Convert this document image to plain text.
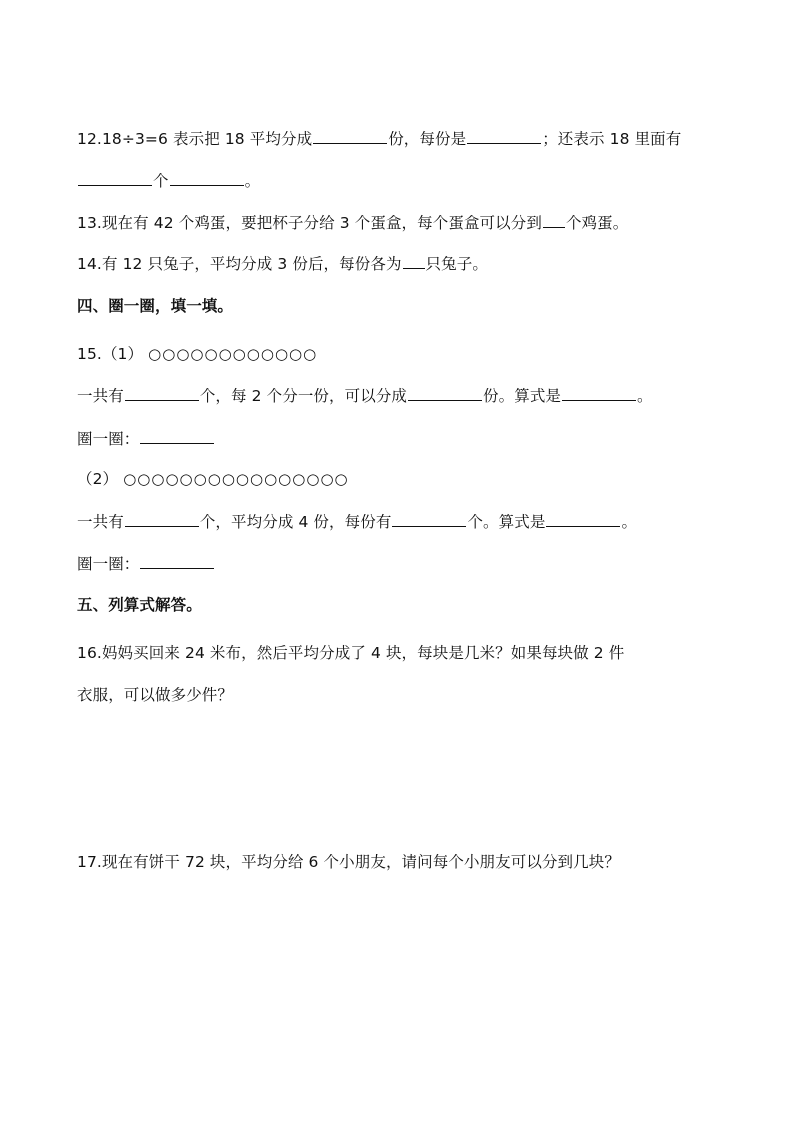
12.18÷3=6 表示把 18 平均分成	份，每份是	；还表示 18 里面有
个	。
13.现在有 42 个鸡蛋，要把杯子分给 3 个蛋盒，每个蛋盒可以分到 个鸡蛋。
14.有 12 只兔子，平均分成 3 份后，每份各为 只兔子。
四、圈一圈，填一填。
15.（1） ○○○○○○○○○○○○
一共有	个，每 2 个分一份，可以分成	份。算式是	。
圈一圈：
（2） ○○○○○○○○○○○○○○○○
一共有	个，平均分成 4 份，每份有	个。算式是	。
圈一圈：
五、列算式解答。
16.妈妈买回来 24 米布，然后平均分成了 4 块，每块是几米？如果每块做 2 件
衣服，可以做多少件？
17.现在有饼干 72 块，平均分给 6 个小朋友，请问每个小朋友可以分到几块？
